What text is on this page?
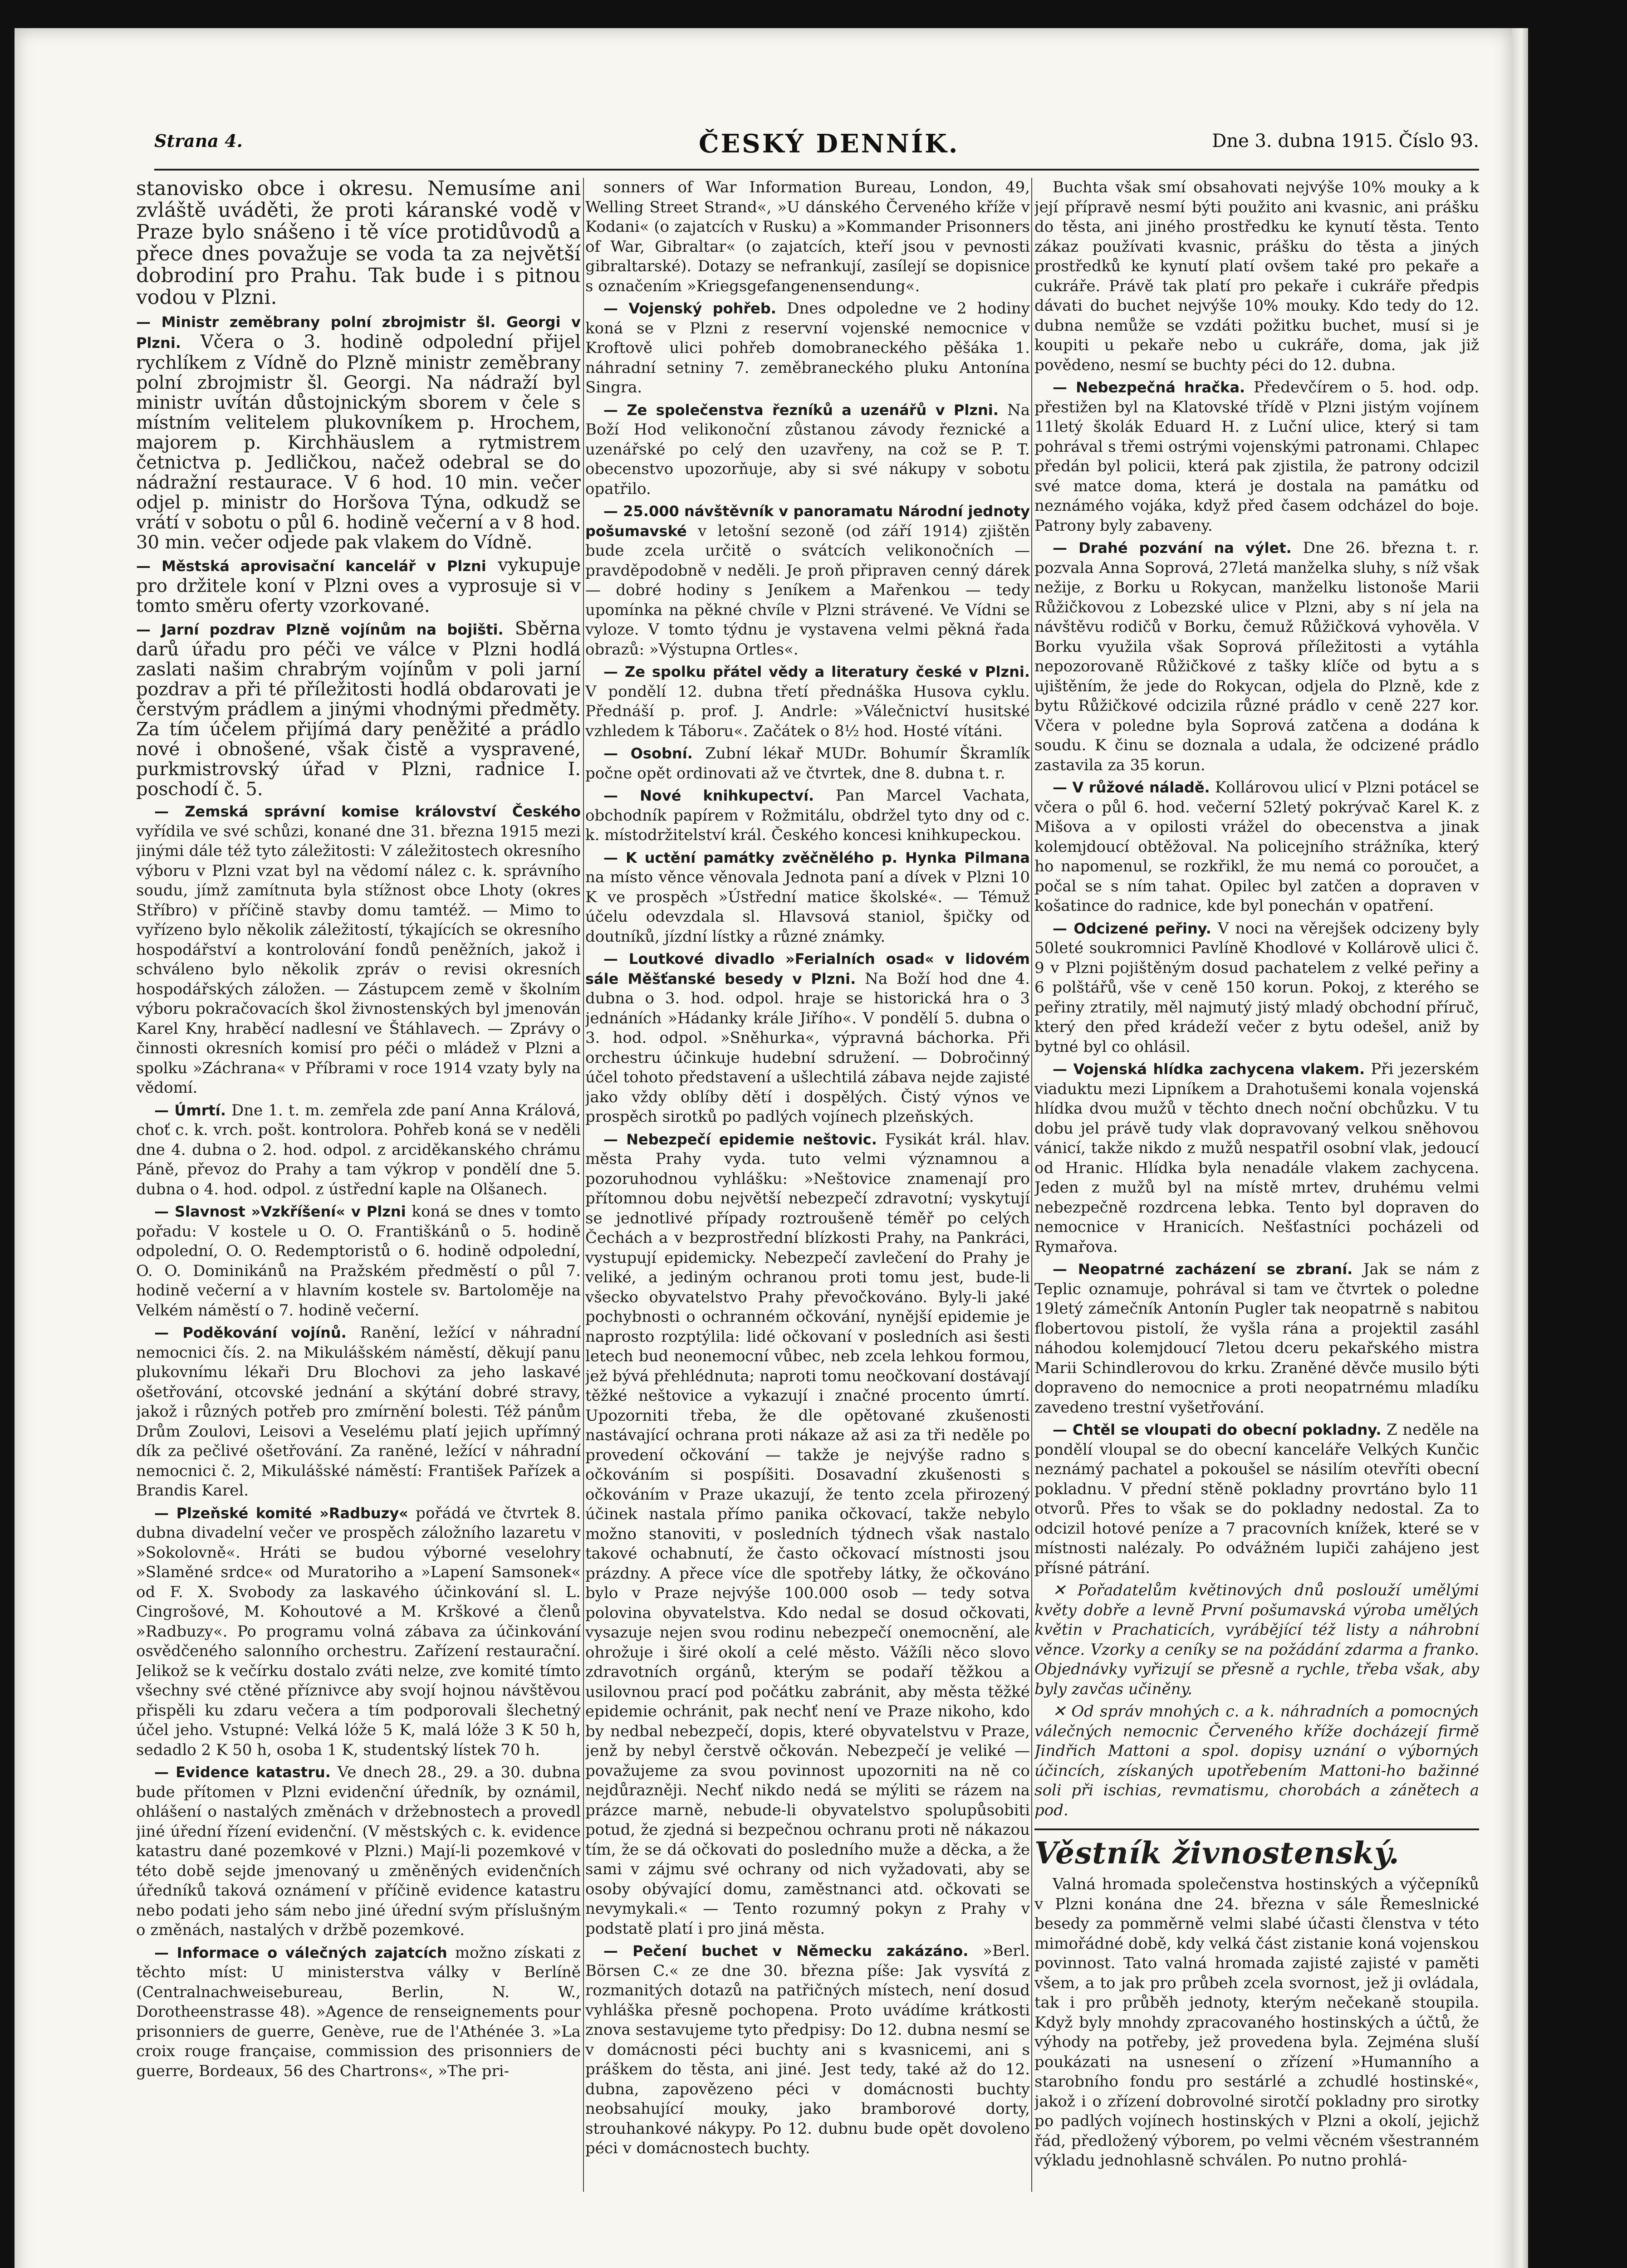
Strana 4.	ČESKÝ DENNÍK.	Dne 3. dubna 1915. Číslo 93.

stanovisko obce i okresu. Nemusíme ani zvláště uváděti, že proti káranské vodě v Praze bylo snášeno i tě více protidůvodů a přece dnes považuje se voda ta za největší dobrodiní pro Prahu. Tak bude i s pitnou vodou v Plzni.

— Ministr zeměbrany polní zbrojmistr šl. Georgi v Plzni. Včera o 3. hodině odpolední přijel rychlíkem z Vídně do Plzně ministr zeměbrany polní zbrojmistr šl. Georgi. Na nádraží byl ministr uvítán důstojnickým sborem v čele s místním velitelem plukovníkem p. Hrochem, majorem p. Kirchhäuslem a rytmistrem četnictva p. Jedličkou, načež odebral se do nádražní restaurace. V 6 hod. 10 min. večer odjel p. ministr do Horšova Týna, odkudž se vrátí v sobotu o půl 6. hodině večerní a v 8 hod. 30 min. večer odjede pak vlakem do Vídně.

— Městská aprovisační kancelář v Plzni vykupuje pro držitele koní v Plzni oves a vyprosuje si v tomto směru oferty vzorkované.

— Jarní pozdrav Plzně vojínům na bojišti. Sběrna darů úřadu pro péči ve válce v Plzni hodlá zaslati našim chrabrým vojínům v poli jarní pozdrav a při té příležitosti hodlá obdarovati je čerstvým prádlem a jinými vhodnými předměty. Za tím účelem přijímá dary peněžité a prádlo nové i obnošené, však čistě a vyspravené, purkmistrovský úřad v Plzni, radnice I. poschodí č. 5.

— Zemská správní komise království Českého vyřídila ve své schůzi, konané dne 31. března 1915 mezi jinými dále též tyto záležitosti: V záležitostech okresního výboru v Plzni vzat byl na vědomí nález c. k. správního soudu, jímž zamítnuta byla stížnost obce Lhoty (okres Stříbro) v příčině stavby domu tamtéž. — Mimo to vyřízeno bylo několik záležitostí, týkajících se okresního hospodářství a kontrolování fondů peněžních, jakož i schváleno bylo několik zpráv o revisi okresních hospodářských záložen. — Zástupcem země v školním výboru pokračovacích škol živnostenských byl jmenován Karel Kny, hraběcí nadlesní ve Štáhlavech. — Zprávy o činnosti okresních komisí pro péči o mládež v Plzni a spolku »Záchrana« v Příbrami v roce 1914 vzaty byly na vědomí.

— Úmrtí. Dne 1. t. m. zemřela zde paní Anna Králová, choť c. k. vrch. pošt. kontrolora. Pohřeb koná se v neděli dne 4. dubna o 2. hod. odpol. z arciděkanského chrámu Páně, převoz do Prahy a tam výkrop v pondělí dne 5. dubna o 4. hod. odpol. z ústřední kaple na Olšanech.

— Slavnost »Vzkříšení« v Plzni koná se dnes v tomto pořadu: V kostele u O. O. Františkánů o 5. hodině odpolední, O. O. Redemptoristů o 6. hodině odpolední, O. O. Dominikánů na Pražském předměstí o půl 7. hodině večerní a v hlavním kostele sv. Bartoloměje na Velkém náměstí o 7. hodině večerní.

— Poděkování vojínů. Ranění, ležící v náhradní nemocnici čís. 2. na Mikulášském náměstí, děkují panu plukovnímu lékaři Dru Blochovi za jeho laskavé ošetřování, otcovské jednání a skýtání dobré stravy, jakož i různých potřeb pro zmírnění bolesti. Též pánům Drům Zoulovi, Leisovi a Veselému platí jejich upřímný dík za pečlivé ošetřování. Za raněné, ležící v náhradní nemocnici č. 2, Mikulášské náměstí: František Pařízek a Brandis Karel.

— Plzeňské komité »Radbuzy« pořádá ve čtvrtek 8. dubna divadelní večer ve prospěch záložního lazaretu v »Sokolovně«. Hráti se budou výborné veselohry »Slaměné srdce« od Muratoriho a »Lapení Samsonek« od F. X. Svobody za laskavého účinkování sl. L. Cingrošové, M. Kohoutové a M. Krškové a členů »Radbuzy«. Po programu volná zábava za účinkování osvědčeného salonního orchestru. Zařízení restaurační. Jelikož se k večírku dostalo zváti nelze, zve komité tímto všechny své ctěné příznivce aby svojí hojnou návštěvou přispěli ku zdaru večera a tím podporovali šlechetný účel jeho. Vstupné: Velká lóže 5 K, malá lóže 3 K 50 h, sedadlo 2 K 50 h, osoba 1 K, studentský lístek 70 h.

— Evidence katastru. Ve dnech 28., 29. a 30. dubna bude přítomen v Plzni evidenční úředník, by oznámil, ohlášení o nastalých změnách v držebnostech a provedl jiné úřední řízení evidenční. (V městských c. k. evidence katastru dané pozemkové v Plzni.) Mají-li pozemkové v této době sejde jmenovaný u změněných evidenčních úředníků taková oznámení v příčině evidence katastru nebo podati jeho sám nebo jiné úřední svým příslušným o změnách, nastalých v držbě pozemkové.

— Informace o válečných zajatcích možno získati z těchto míst: U ministerstva války v Berlíně (Centralnachweisebureau, Berlin, N. W., Dorotheenstrasse 48). »Agence de renseignements pour prisonniers de guerre, Genève, rue de l'Athénée 3. »La croix rouge française, commission des prisonniers de guerre, Bordeaux, 56 des Chartrons«, »The pri-

sonners of War Information Bureau, London, 49, Welling Street Strand«, »U dánského Červeného kříže v Kodani« (o zajatcích v Rusku) a »Kommander Prisonners of War, Gibraltar« (o zajatcích, kteří jsou v pevnosti gibraltarské). Dotazy se nefrankují, zasílejí se dopisnice s označením »Kriegsgefangenensendung«.

— Vojenský pohřeb. Dnes odpoledne ve 2 hodiny koná se v Plzni z reservní vojenské nemocnice v Kroftově ulici pohřeb domobraneckého pěšáka 1. náhradní setniny 7. zeměbraneckého pluku Antonína Singra.

— Ze společenstva řezníků a uzenářů v Plzni. Na Boží Hod velikonoční zůstanou závody řeznické a uzenářské po celý den uzavřeny, na což se P. T. obecenstvo upozorňuje, aby si své nákupy v sobotu opatřilo.

— 25.000 návštěvník v panoramatu Národní jednoty pošumavské v letošní sezoně (od září 1914) zjištěn bude zcela určitě o svátcích velikonočních — pravděpodobně v neděli. Je proň připraven cenný dárek — dobré hodiny s Jeníkem a Mařenkou — tedy upomínka na pěkné chvíle v Plzni strávené. Ve Vídni se vyloze. V tomto týdnu je vystavena velmi pěkná řada obrazů: »Výstupna Ortles«.

— Ze spolku přátel vědy a literatury české v Plzni. V pondělí 12. dubna třetí přednáška Husova cyklu. Přednáší p. prof. J. Andrle: »Válečnictví husitské vzhledem k Táboru«. Začátek o 8½ hod. Hosté vítáni.

— Osobní. Zubní lékař MUDr. Bohumír Škramlík počne opět ordinovati až ve čtvrtek, dne 8. dubna t. r.

— Nové knihkupectví. Pan Marcel Vachata, obchodník papírem v Rožmitálu, obdržel tyto dny od c. k. místodržitelství král. Českého koncesi knihkupeckou.

— K uctění památky zvěčnělého p. Hynka Pilmana na místo věnce věnovala Jednota paní a dívek v Plzni 10 K ve prospěch »Ústřední matice školské«. — Témuž účelu odevzdala sl. Hlavsová staniol, špičky od doutníků, jízdní lístky a různé známky.

— Loutkové divadlo »Ferialních osad« v lidovém sále Měšťanské besedy v Plzni. Na Boží hod dne 4. dubna o 3. hod. odpol. hraje se historická hra o 3 jednáních »Hádanky krále Jiřího«. V pondělí 5. dubna o 3. hod. odpol. »Sněhurka«, výpravná báchorka. Při orchestru účinkuje hudební sdružení. — Dobročinný účel tohoto představení a ušlechtilá zábava nejde zajisté jako vždy oblíby dětí i dospělých. Čistý výnos ve prospěch sirotků po padlých vojínech plzeňských.

— Nebezpečí epidemie neštovic. Fysikát král. hlav. města Prahy vyda. tuto velmi významnou a pozoruhodnou vyhlášku: »Neštovice znamenají pro přítomnou dobu největší nebezpečí zdravotní; vyskytují se jednotlivé případy roztroušeně téměř po celých Čechách a v bezprostřední blízkosti Prahy, na Pankráci, vystupují epidemicky. Nebezpečí zavlečení do Prahy je veliké, a jediným ochranou proti tomu jest, bude-li všecko obyvatelstvo Prahy převočkováno. Byly-li jaké pochybnosti o ochranném očkování, nynější epidemie je naprosto rozptýlila: lidé očkovaní v posledních asi šesti letech bud neonemocní vůbec, neb zcela lehkou formou, jež bývá přehlédnuta; naproti tomu neočkovaní dostávají těžké neštovice a vykazují i značné procento úmrtí. Upozorniti třeba, že dle opětované zkušenosti nastávající ochrana proti nákaze až asi za tři neděle po provedení očkování — takže je nejvýše radno s očkováním si pospíšiti. Dosavadní zkušenosti s očkováním v Praze ukazují, že tento zcela přirozený účinek nastala přímo panika očkovací, takže nebylo možno stanoviti, v posledních týdnech však nastalo takové ochabnutí, že často očkovací místnosti jsou prázdny. A přece více dle spotřeby látky, že očkováno bylo v Praze nejvýše 100.000 osob — tedy sotva polovina obyvatelstva. Kdo nedal se dosud očkovati, vysazuje nejen svou rodinu nebezpečí onemocnění, ale ohrožuje i širé okolí a celé město. Vážíli něco slovo zdravotních orgánů, kterým se podaří těžkou a usilovnou prací pod počátku zabránit, aby města těžké epidemie ochránit, pak nechť není ve Praze nikoho, kdo by nedbal nebezpečí, dopis, které obyvatelstvu v Praze, jenž by nebyl čerstvě očkován. Nebezpečí je veliké — považujeme za svou povinnost upozorniti na ně co nejdůrazněji. Nechť nikdo nedá se mýliti se rázem na prázce marně, nebude-li obyvatelstvo spolupůsobiti potud, že zjedná si bezpečnou ochranu proti ně nákazou tím, že se dá očkovati do posledního muže a děcka, a že sami v zájmu své ochrany od nich vyžadovati, aby se osoby obývající domu, zaměstnanci atd. očkovati se nevymykali.« — Tento rozumný pokyn z Prahy v podstatě platí i pro jiná města.

— Pečení buchet v Německu zakázáno. »Berl. Börsen C.« ze dne 30. března píše: Jak vysvítá z rozmanitých dotazů na patřičných místech, není dosud vyhláška přesně pochopena. Proto uvádíme krátkosti znova sestavujeme tyto předpisy: Do 12. dubna nesmí se v domácnosti péci buchty ani s kvasnicemi, ani s práškem do těsta, ani jiné. Jest tedy, také až do 12. dubna, zapovězeno péci v domácnosti buchty neobsahující mouky, jako bramborové dorty, strouhankové nákypy. Po 12. dubnu bude opět dovoleno péci v domácnostech buchty.

Buchta však smí obsahovati nejvýše 10% mouky a k její přípravě nesmí býti použito ani kvasnic, ani prášku do těsta, ani jiného prostředku ke kynutí těsta. Tento zákaz používati kvasnic, prášku do těsta a jiných prostředků ke kynutí platí ovšem také pro pekaře a cukráře. Právě tak platí pro pekaře i cukráře předpis dávati do buchet nejvýše 10% mouky. Kdo tedy do 12. dubna nemůže se vzdáti požitku buchet, musí si je koupiti u pekaře nebo u cukráře, doma, jak již povědeno, nesmí se buchty péci do 12. dubna.

— Nebezpečná hračka. Předevčírem o 5. hod. odp. přestižen byl na Klatovské třídě v Plzni jistým vojínem 11letý školák Eduard H. z Luční ulice, který si tam pohrával s třemi ostrými vojenskými patronami. Chlapec předán byl policii, která pak zjistila, že patrony odcizil své matce doma, která je dostala na památku od neznámého vojáka, když před časem odcházel do boje. Patrony byly zabaveny.

— Drahé pozvání na výlet. Dne 26. března t. r. pozvala Anna Soprová, 27letá manželka sluhy, s níž však nežije, z Borku u Rokycan, manželku listonoše Marii Růžičkovou z Lobezské ulice v Plzni, aby s ní jela na návštěvu rodičů v Borku, čemuž Růžičková vyhověla. V Borku využila však Soprová příležitosti a vytáhla nepozorovaně Růžičkové z tašky klíče od bytu a s ujištěním, že jede do Rokycan, odjela do Plzně, kde z bytu Růžičkové odcizila různé prádlo v ceně 227 kor. Včera v poledne byla Soprová zatčena a dodána k soudu. K činu se doznala a udala, že odcizené prádlo zastavila za 35 korun.

— V růžové náladě. Kollárovou ulicí v Plzni potácel se včera o půl 6. hod. večerní 52letý pokrývač Karel K. z Mišova a v opilosti vrážel do obecenstva a jinak kolemjdoucí obtěžoval. Na policejního strážníka, který ho napomenul, se rozkřikl, že mu nemá co poroučet, a počal se s ním tahat. Opilec byl zatčen a dopraven v košatince do radnice, kde byl ponechán v opatření.

— Odcizené peřiny. V noci na věrejšek odcizeny byly 50leté soukromnici Pavlíně Khodlové v Kollárově ulici č. 9 v Plzni pojištěným dosud pachatelem z velké peřiny a 6 polštářů, vše v ceně 150 korun. Pokoj, z kterého se peřiny ztratily, měl najmutý jistý mladý obchodní příruč, který den před krádeží večer z bytu odešel, aniž by bytné byl co ohlásil.

— Vojenská hlídka zachycena vlakem. Při jezerském viaduktu mezi Lipníkem a Drahotušemi konala vojenská hlídka dvou mužů v těchto dnech noční obchůzku. V tu dobu jel právě tudy vlak dopravovaný velkou sněhovou vánicí, takže nikdo z mužů nespatřil osobní vlak, jedoucí od Hranic. Hlídka byla nenadále vlakem zachycena. Jeden z mužů byl na místě mrtev, druhému velmi nebezpečně rozdrcena lebka. Tento byl dopraven do nemocnice v Hranicích. Nešťastníci pocházeli od Rymařova.

— Neopatrné zacházení se zbraní. Jak se nám z Teplic oznamuje, pohrával si tam ve čtvrtek o poledne 19letý zámečník Antonín Pugler tak neopatrně s nabitou flobertovou pistolí, že vyšla rána a projektil zasáhl náhodou kolemjdoucí 7letou dceru pekařského mistra Marii Schindlerovou do krku. Zraněné děvče musilo býti dopraveno do nemocnice a proti neopatrnému mladíku zavedeno trestní vyšetřování.

— Chtěl se vloupati do obecní pokladny. Z neděle na pondělí vloupal se do obecní kanceláře Velkých Kunčic neznámý pachatel a pokoušel se násilím otevříti obecní pokladnu. V přední stěně pokladny provrtáno bylo 11 otvorů. Přes to však se do pokladny nedostal. Za to odcizil hotové peníze a 7 pracovních knížek, které se v místnosti nalézaly. Po odvážném lupiči zahájeno jest přísné pátrání.

✕ Pořadatelům květinových dnů poslouží umělými květy dobře a levně První pošumavská výroba umělých květin v Prachaticích, vyrábějící též listy a náhrobní věnce. Vzorky a ceníky se na požádání zdarma a franko. Objednávky vyřizují se přesně a rychle, třeba však, aby byly zavčas učiněny.

✕ Od správ mnohých c. a k. náhradních a pomocných válečných nemocnic Červeného kříže docházejí firmě Jindřich Mattoni a spol. dopisy uznání o výborných účincích, získaných upotřebením Mattoni-ho bažinné soli při ischias, revmatismu, chorobách a zánětech a pod.

Věstník živnostenský.

Valná hromada společenstva hostinských a výčepníků v Plzni konána dne 24. března v sále Řemeslnické besedy za pomměrně velmi slabé účasti členstva v této mimořádné době, kdy velká část zistanie koná vojenskou povinnost. Tato valná hromada zajisté zajisté v paměti všem, a to jak pro průbeh zcela svornost, jež ji ovládala, tak i pro průběh jednoty, kterým nečekaně stoupila. Když byly mnohdy zpracovaného hostinských a účtů, že výhody na potřeby, jež provedena byla. Zejména sluší poukázati na usnesení o zřízení »Humanního a starobního fondu pro sestárlé a zchudlé hostinské«, jakož i o zřízení dobrovolné sirotčí pokladny pro sirotky po padlých vojínech hostinských v Plzni a okolí, jejichž řád, předložený výborem, po velmi věcném všestranném výkladu jednohlasně schválen. Po nutno prohlá-
